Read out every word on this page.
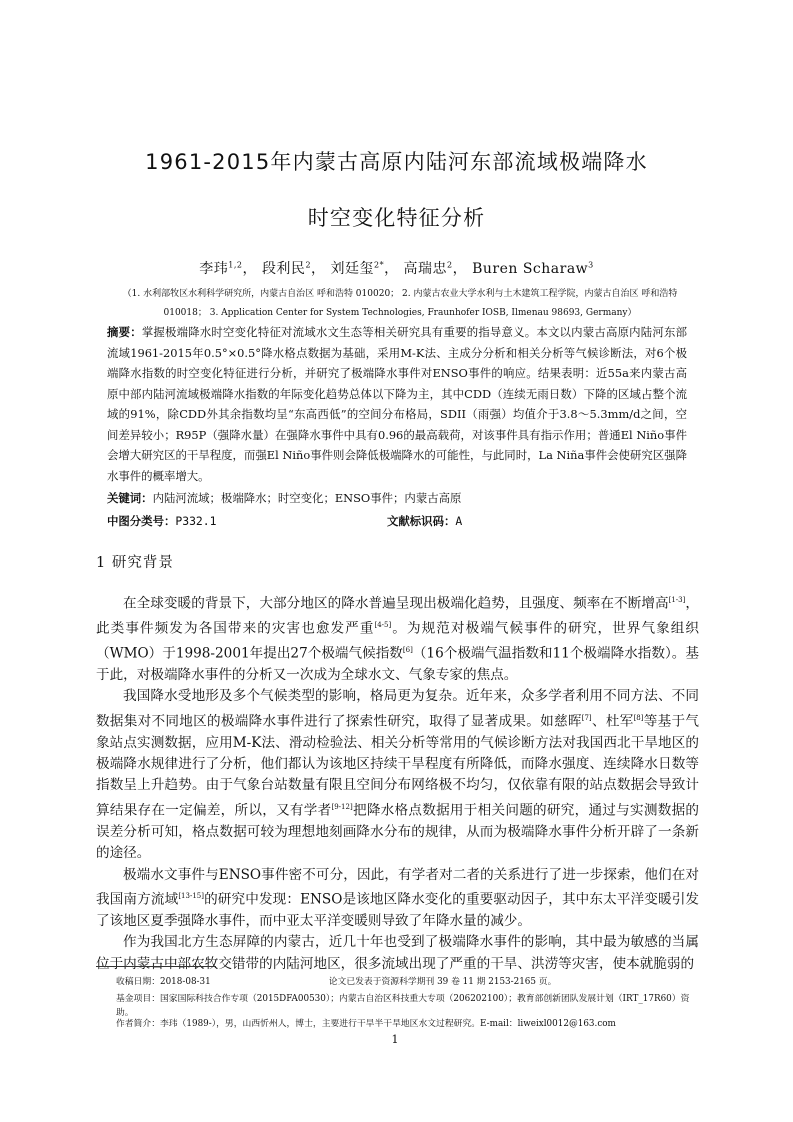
1961-2015年内蒙古高原内陆河东部流域极端降水
时空变化特征分析
李玮$^{1,2}$， 段利民$^2$， 刘廷玺$^{2*}$， 高瑞忠$^2$， Buren Scharaw$^3$
（1. 水利部牧区水利科学研究所，内蒙古自治区 呼和浩特 010020； 2. 内蒙古农业大学水利与土木建筑工程学院，内蒙古自治区 呼和浩特
010018； 3. Application Center for System Technologies, Fraunhofer IOSB, Ilmenau 98693, Germany）
摘要：掌握极端降水时空变化特征对流域水文生态等相关研究具有重要的指导意义。本文以内蒙古高原内陆河东部流域1961-2015年0.5°×0.5°降水格点数据为基础，采用M-K法、主成分分析和相关分析等气候诊断法，对6个极端降水指数的时空变化特征进行分析，并研究了极端降水事件对ENSO事件的响应。结果表明：近55a来内蒙古高原中部内陆河流域极端降水指数的年际变化趋势总体以下降为主，其中CDD（连续无雨日数）下降的区域占整个流域的91%，除CDD外其余指数均呈“东高西低”的空间分布格局，SDII（雨强）均值介于3.8～5.3mm/d之间，空间差异较小；R95P（强降水量）在强降水事件中具有0.96的最高载荷，对该事件具有指示作用；普通El Niño事件会增大研究区的干旱程度，而强El Niño事件则会降低极端降水的可能性，与此同时，La Niña事件会使研究区强降水事件的概率增大。
关键词：内陆河流域；极端降水；时空变化；ENSO事件；内蒙古高原
中图分类号：P332.1	文献标识码：A
1 研究背景

在全球变暖的背景下，大部分地区的降水普遍呈现出极端化趋势，且强度、频率在不断增高[1-3]，此类事件频发为各国带来的灾害也愈发严重[4-5]。为规范对极端气候事件的研究，世界气象组织（WMO）于1998-2001年提出27个极端气候指数[6]（16个极端气温指数和11个极端降水指数）。基于此，对极端降水事件的分析又一次成为全球水文、气象专家的焦点。

我国降水受地形及多个气候类型的影响，格局更为复杂。近年来，众多学者利用不同方法、不同数据集对不同地区的极端降水事件进行了探索性研究，取得了显著成果。如慈晖[7]、杜军[8]等基于气象站点实测数据，应用M-K法、滑动检验法、相关分析等常用的气候诊断方法对我国西北干旱地区的极端降水规律进行了分析，他们都认为该地区持续干旱程度有所降低，而降水强度、连续降水日数等指数呈上升趋势。由于气象台站数量有限且空间分布网络极不均匀，仅依靠有限的站点数据会导致计算结果存在一定偏差，所以，又有学者[9-12]把降水格点数据用于相关问题的研究，通过与实测数据的误差分析可知，格点数据可较为理想地刻画降水分布的规律，从而为极端降水事件分析开辟了一条新的途径。

极端水文事件与ENSO事件密不可分，因此，有学者对二者的关系进行了进一步探索，他们在对我国南方流域[13-15]的研究中发现：ENSO是该地区降水变化的重要驱动因子，其中东太平洋变暖引发了该地区夏季强降水事件，而中亚太平洋变暖则导致了年降水量的减少。

作为我国北方生态屏障的内蒙古，近几十年也受到了极端降水事件的影响，其中最为敏感的当属位于内蒙古中部农牧交错带的内陆河地区，很多流域出现了严重的干旱、洪涝等灾害，使本就脆弱的

收稿日期：2018-08-31	论文已发表于资源科学期刊 39 卷 11 期 2153-2165 页。
基金项目：国家国际科技合作专项（2015DFA00530）；内蒙古自治区科技重大专项（206202100）；教育部创新团队发展计划（IRT_17R60）资助。
作者简介：李玮（1989-），男，山西忻州人，博士，主要进行干旱半干旱地区水文过程研究。E-mail：liweixl0012@163.com
1
